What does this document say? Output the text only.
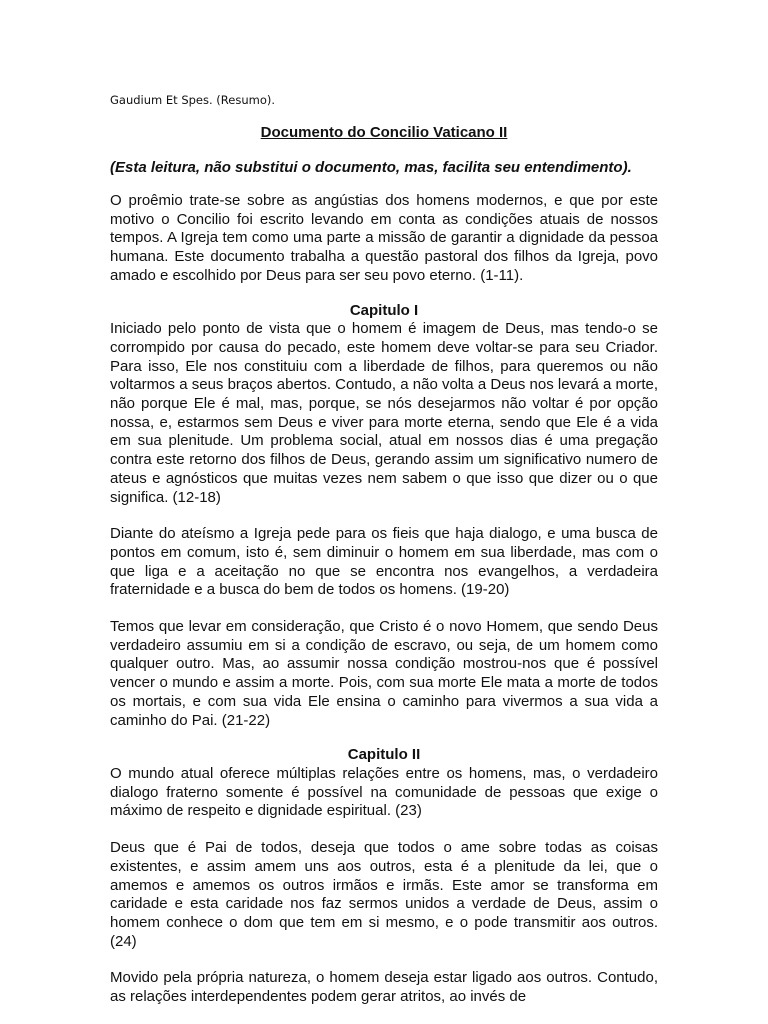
Gaudium Et Spes. (Resumo).
Documento do Concilio Vaticano II
(Esta leitura, não substitui o documento, mas, facilita seu entendimento).

O proêmio trate-se sobre as angústias dos homens modernos, e que por este motivo o Concilio foi escrito levando em conta as condições atuais de nossos tempos. A Igreja tem como uma parte a missão de garantir a dignidade da pessoa humana. Este documento trabalha a questão pastoral dos filhos da Igreja, povo amado e escolhido por Deus para ser seu povo eterno. (1-11).

Capitulo I

Iniciado pelo ponto de vista que o homem é imagem de Deus, mas tendo-o se corrompido por causa do pecado, este homem deve voltar-se para seu Criador. Para isso, Ele nos constituiu com a liberdade de filhos, para queremos ou não voltarmos a seus braços abertos. Contudo, a não volta a Deus nos levará a morte, não porque Ele é mal, mas, porque, se nós desejarmos não voltar é por opção nossa, e, estarmos sem Deus e viver para morte eterna, sendo que Ele é a vida em sua plenitude. Um problema social, atual em nossos dias é uma pregação contra este retorno dos filhos de Deus, gerando assim um significativo numero de ateus e agnósticos que muitas vezes nem sabem o que isso que dizer ou o que significa. (12-18)

Diante do ateísmo a Igreja pede para os fieis que haja dialogo, e uma busca de pontos em comum, isto é, sem diminuir o homem em sua liberdade, mas com o que liga e a aceitação no que se encontra nos evangelhos, a verdadeira fraternidade e a busca do bem de todos os homens. (19-20)

Temos que levar em consideração, que Cristo é o novo Homem, que sendo Deus verdadeiro assumiu em si a condição de escravo, ou seja, de um homem como qualquer outro. Mas, ao assumir nossa condição mostrou-nos que é possível vencer o mundo e assim a morte. Pois, com sua morte Ele mata a morte de todos os mortais, e com sua vida Ele ensina o caminho para vivermos a sua vida a caminho do Pai. (21-22)

Capitulo II

O mundo atual oferece múltiplas relações entre os homens, mas, o verdadeiro dialogo fraterno somente é possível na comunidade de pessoas que exige o máximo de respeito e dignidade espiritual. (23)

Deus que é Pai de todos, deseja que todos o ame sobre todas as coisas existentes, e assim amem uns aos outros, esta é a plenitude da lei, que o amemos e amemos os outros irmãos e irmãs. Este amor se transforma em caridade e esta caridade nos faz sermos unidos a verdade de Deus, assim o homem conhece o dom que tem em si mesmo, e o pode transmitir aos outros. (24)

Movido pela própria natureza, o homem deseja estar ligado aos outros. Contudo, as relações interdependentes podem gerar atritos, ao invés de
